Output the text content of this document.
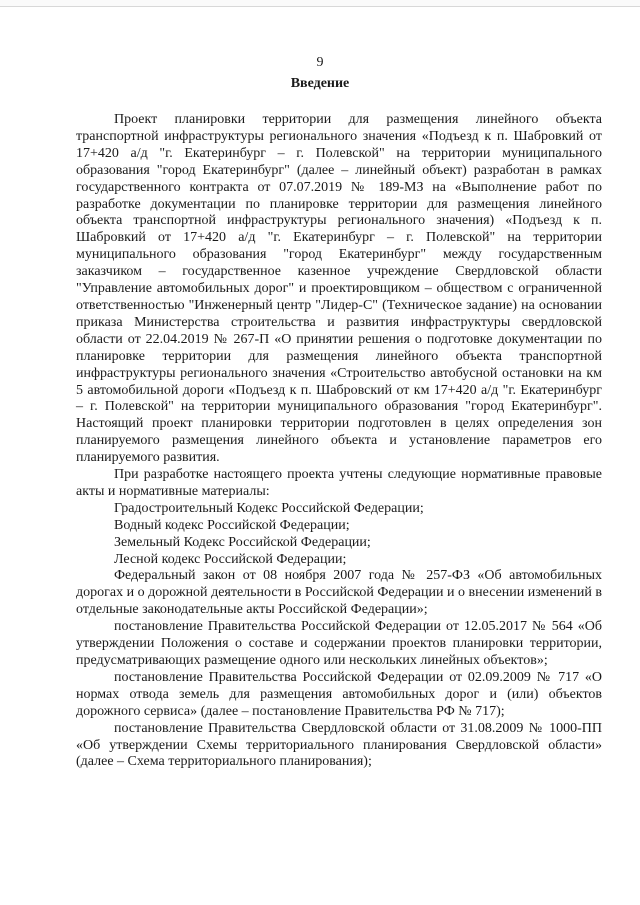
9
Введение

Проект планировки территории для размещения линейного объекта транспортной инфраструктуры регионального значения «Подъезд к п. Шабровкий от 17+420 а/д "г. Екатеринбург – г. Полевской" на территории муниципального образования "город Екатеринбург" (далее – линейный объект) разработан в рамках государственного контракта от 07.07.2019 № 189-МЗ на «Выполнение работ по разработке документации по планировке территории для размещения линейного объекта транспортной инфраструктуры регионального значения) «Подъезд к п. Шабровкий от 17+420 а/д "г. Екатеринбург – г. Полевской" на территории муниципального образования "город Екатеринбург" между государственным заказчиком – государственное казенное учреждение Свердловской области "Управление автомобильных дорог" и проектировщиком – обществом с ограниченной ответственностью "Инженерный центр "Лидер-С" (Техническое задание) на основании приказа Министерства строительства и развития инфраструктуры свердловской области от 22.04.2019 № 267-П «О принятии решения о подготовке документации по планировке территории для размещения линейного объекта транспортной инфраструктуры регионального значения «Строительство автобусной остановки на км 5 автомобильной дороги «Подъезд к п. Шабровский от км 17+420 а/д "г. Екатеринбург – г. Полевской" на территории муниципального образования "город Екатеринбург". Настоящий проект планировки территории подготовлен в целях определения зон планируемого размещения линейного объекта и установление параметров его планируемого развития.

При разработке настоящего проекта учтены следующие нормативные правовые акты и нормативные материалы:

Градостроительный Кодекс Российской Федерации;

Водный кодекс Российской Федерации;

Земельный Кодекс Российской Федерации;

Лесной кодекс Российской Федерации;

Федеральный закон от 08 ноября 2007 года № 257-ФЗ «Об автомобильных дорогах и о дорожной деятельности в Российской Федерации и о внесении изменений в отдельные законодательные акты Российской Федерации»;

постановление Правительства Российской Федерации от 12.05.2017 № 564 «Об утверждении Положения о составе и содержании проектов планировки территории, предусматривающих размещение одного или нескольких линейных объектов»;

постановление Правительства Российской Федерации от 02.09.2009 № 717 «О нормах отвода земель для размещения автомобильных дорог и (или) объектов дорожного сервиса» (далее – постановление Правительства РФ № 717);

постановление Правительства Свердловской области от 31.08.2009 № 1000-ПП «Об утверждении Схемы территориального планирования Свердловской области» (далее – Схема территориального планирования);
